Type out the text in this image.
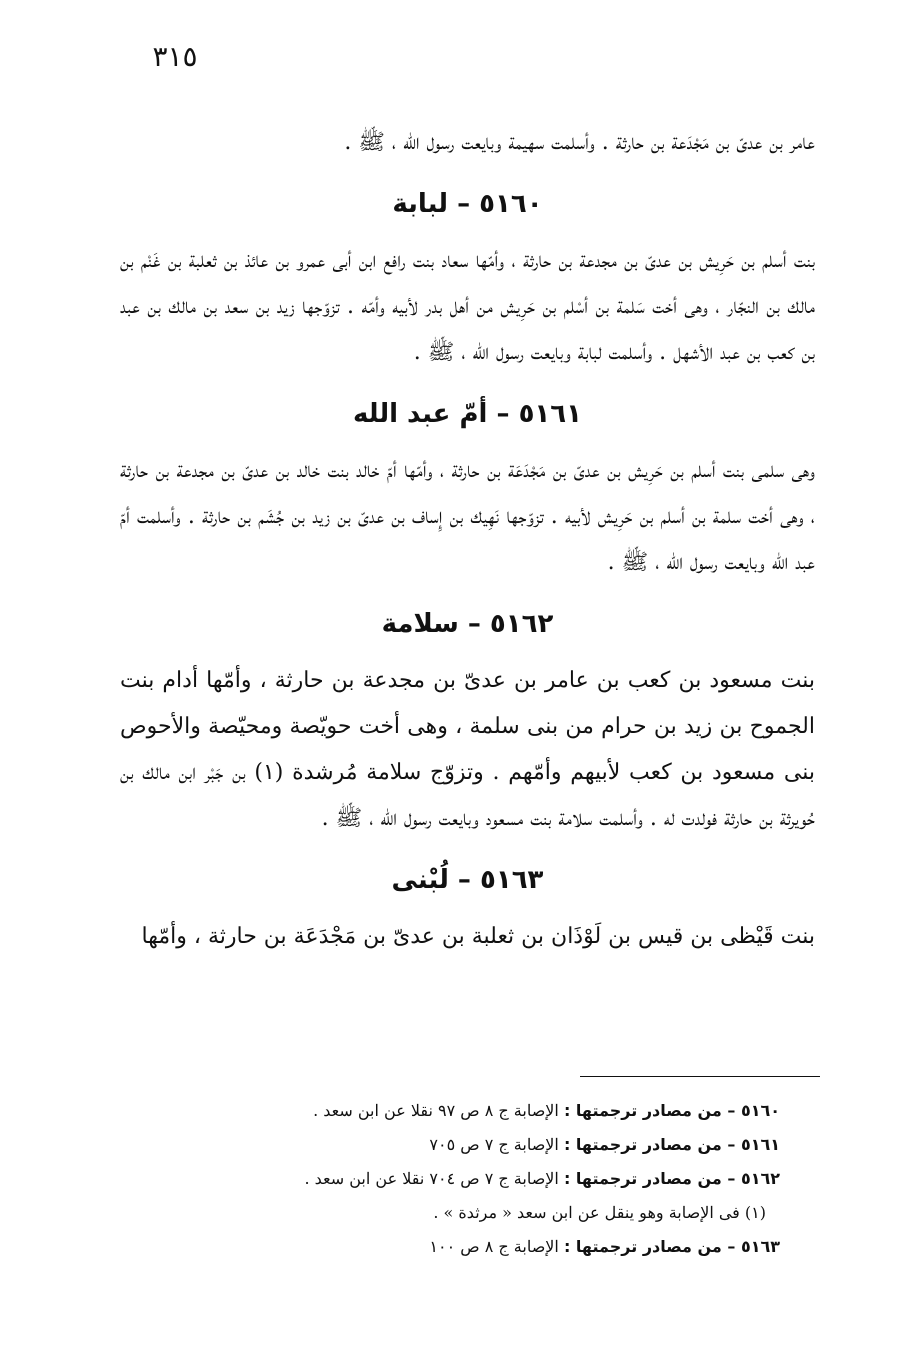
٣١٥

عامر بن عدىّ بن مَجْدَعة بن حارثة . وأسلمت سهيمة وبايعت رسول الله ، ﷺ .

٥١٦٠ – لبابة

بنت أسلم بن حَرِيش بن عدىّ بن مجدعة بن حارثة ، وأمّها سعاد بنت رافع ابن أبى عمرو بن عائذ بن ثعلبة بن غَنْم بن مالك بن النجّار ، وهى أخت سَلمة بن أسْلم بن حَرِيش من أهل بدر لأبيه وأمّه . تزوّجها زيد بن سعد بن مالك بن عبد بن كعب بن عبد الأشهل . وأسلمت لبابة وبايعت رسول الله ، ﷺ .

٥١٦١ – أمّ عبد الله

وهى سلمى بنت أسلم بن حَرِيش بن عدىّ بن مَجْدَعَة بن حارثة ، وأمّها أمّ خالد بنت خالد بن عدىّ بن مجدعة بن حارثة ، وهى أخت سلمة بن أسلم بن حَرِيش لأبيه . تزوّجها نَهِيك بن إِساف بن عدىّ بن زيد بن جُشَم بن حارثة . وأسلمت أمّ عبد الله وبايعت رسول الله ، ﷺ .

٥١٦٢ – سلامة

بنت مسعود بن كعب بن عامر بن عدىّ بن مجدعة بن حارثة ، وأمّها أدام بنت الجموح بن زيد بن حرام من بنى سلمة ، وهى أخت حويّصة ومحيّصة والأحوص بنى مسعود بن كعب لأبيهم وأمّهم . وتزوّج سلامة مُرشدة (١) بن جَبْر ابن مالك بن حُويرثة بن حارثة فولدت له . وأسلمت سلامة بنت مسعود وبايعت رسول الله ، ﷺ .

٥١٦٣ – لُبْنى

بنت قَيْظى بن قيس بن لَوْذَان بن ثعلبة بن عدىّ بن مَجْدَعَة بن حارثة ، وأمّها

٥١٦٠ – من مصادر ترجمتها : الإصابة ج ٨ ص ٩٧ نقلا عن ابن سعد .

٥١٦١ – من مصادر ترجمتها : الإصابة ج ٧ ص ٧٠٥

٥١٦٢ – من مصادر ترجمتها : الإصابة ج ٧ ص ٧٠٤ نقلا عن ابن سعد .

(١) فى الإصابة وهو ينقل عن ابن سعد « مرثدة » .

٥١٦٣ – من مصادر ترجمتها : الإصابة ج ٨ ص ١٠٠
